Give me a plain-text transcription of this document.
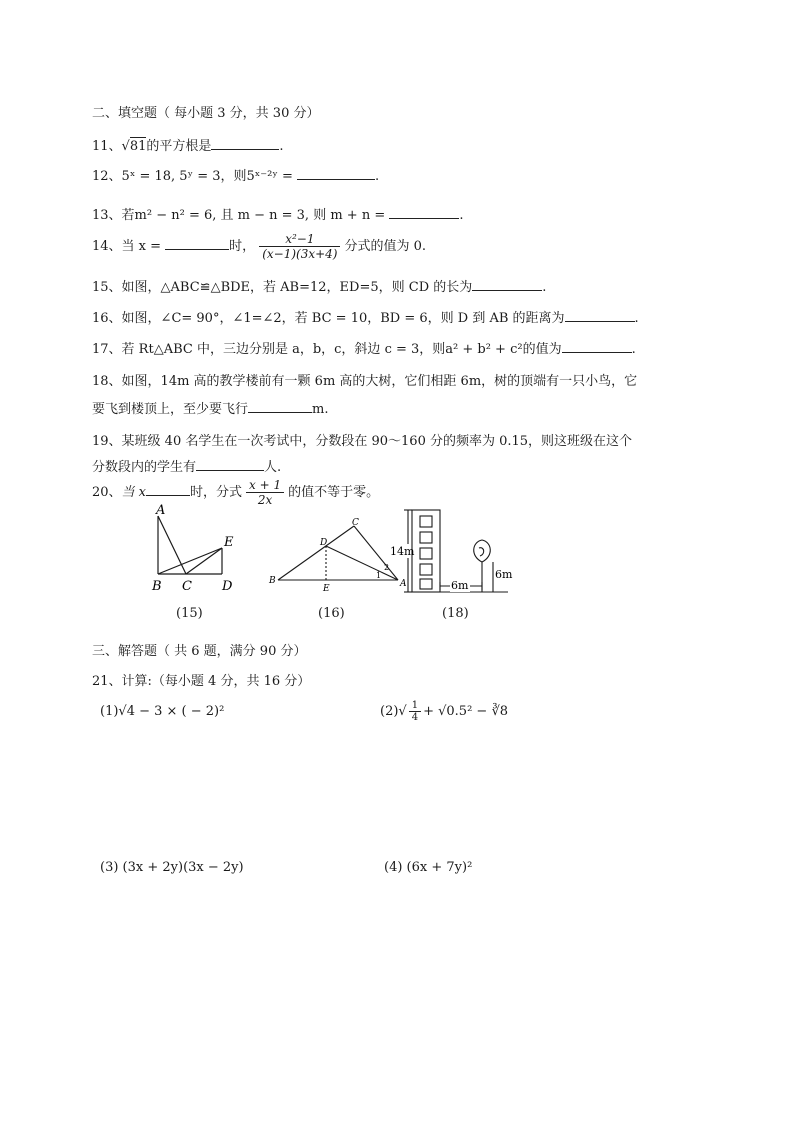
二、填空题（ 每小题 3 分，共 30 分）
11、√81的平方根是	.
12、5ˣ = 18, 5ʸ = 3，则5ˣ⁻²ʸ =	.
13、若m² − n² = 6, 且 m − n = 3, 则 m + n =	.
14、当 x =	时， $\frac{\text{x²−1}}{(x-1)(3x+4)}$ 分式的值为 0.
15、如图，△ABC≌△BDE，若 AB=12，ED=5，则 CD 的长为	.
16、如图，∠C= 90°，∠1=∠2，若 BC = 10，BD = 6，则 D 到 AB 的距离为	.
17、若 Rt△ABC 中，三边分别是 a，b，c，斜边 c = 3，则a² + b² + c²的值为	.
18、如图，14m 高的教学楼前有一颗 6m 高的大树，它们相距 6m，树的顶端有一只小鸟，它
要飞到楼顶上，至少要飞行	m.
19、某班级 40 名学生在一次考试中，分数段在 90～160 分的频率为 0.15，则这班级在这个
分数段内的学生有	人.
20、当 x	时，分式 $\frac{x + 1}{2x}$ 的值不等于零。
A
E
B C D
(15)
C
D
B
E	A
1
2
(16)
14m
6m
6m
(18)
三、解答题（ 共 6 题，满分 90 分）
21、计算:（每小题 4 分，共 16 分）
(1)√4 − 3 × ( − 2)²	$(2)√ \frac{1}{4} + √0.5^2$ − ∛8
(3) (3x + 2y)(3x − 2y)	(4) (6x + 7y)²
